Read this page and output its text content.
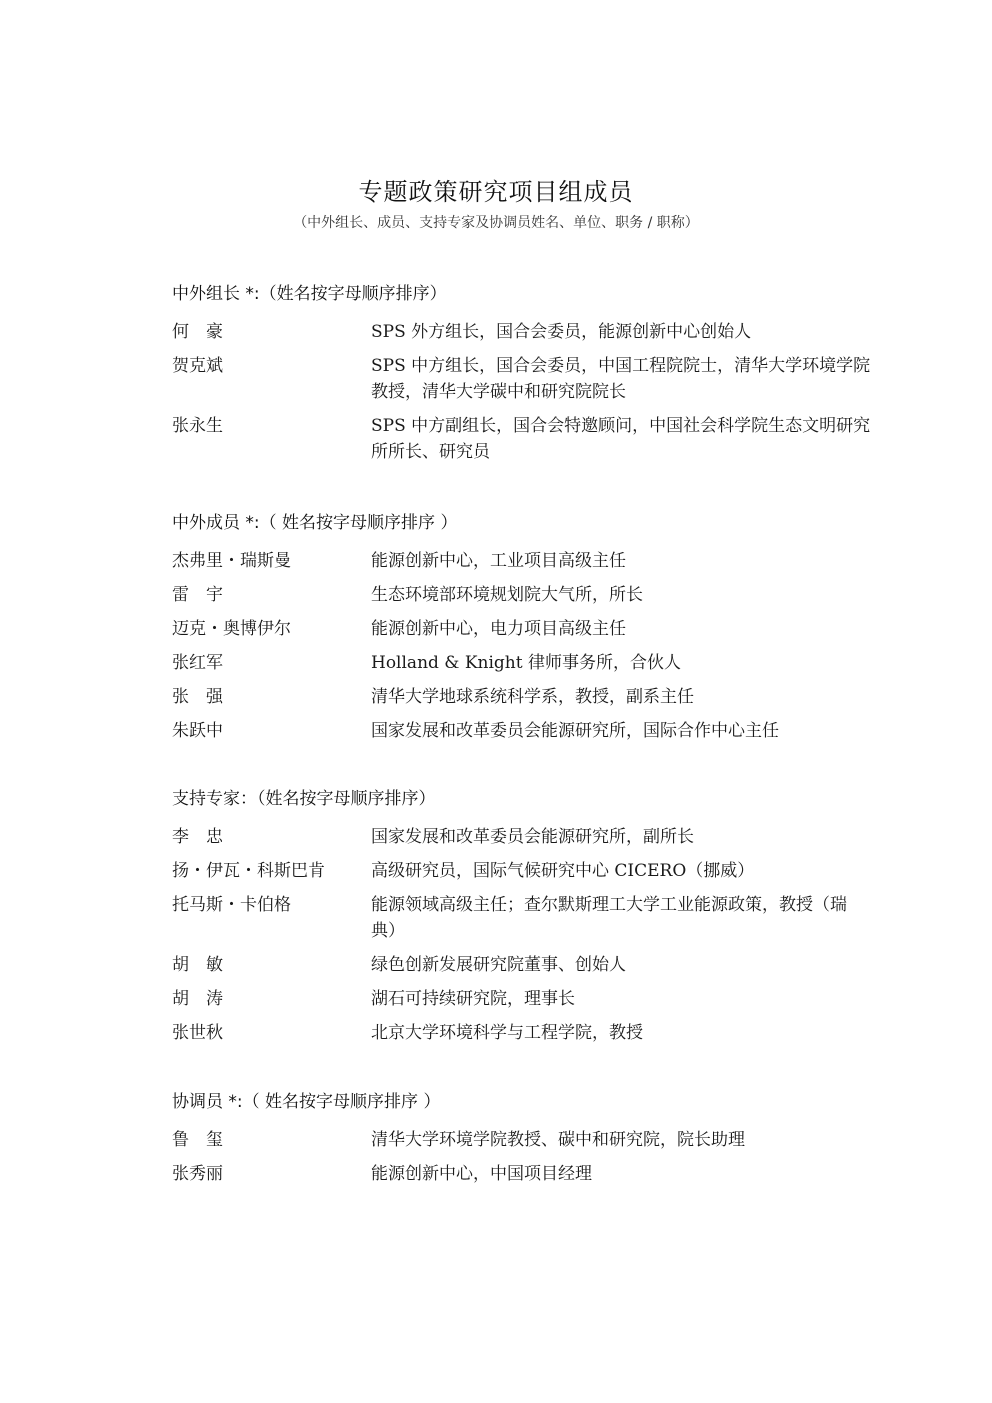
专题政策研究项目组成员
（中外组长、成员、支持专家及协调员姓名、单位、职务 / 职称）
中外组长 *:（姓名按字母顺序排序）
何　豪	SPS 外方组长，国合会委员，能源创新中心创始人
贺克斌	SPS 中方组长，国合会委员，中国工程院院士，清华大学环境学院教授，清华大学碳中和研究院院长
张永生	SPS 中方副组长，国合会特邀顾问，中国社会科学院生态文明研究所所长、研究员
中外成员 *:（ 姓名按字母顺序排序 ）
杰弗里・瑞斯曼	能源创新中心，工业项目高级主任
雷　宇	生态环境部环境规划院大气所，所长
迈克・奥博伊尔	能源创新中心，电力项目高级主任
张红军	Holland & Knight 律师事务所，合伙人
张　强	清华大学地球系统科学系，教授，副系主任
朱跃中	国家发展和改革委员会能源研究所，国际合作中心主任
支持专家：（姓名按字母顺序排序）
李　忠	国家发展和改革委员会能源研究所，副所长
扬・伊瓦・科斯巴肯	高级研究员，国际气候研究中心 CICERO（挪威）
托马斯・卡伯格	能源领域高级主任；查尔默斯理工大学工业能源政策，教授（瑞典）
胡　敏	绿色创新发展研究院董事、创始人
胡　涛	湖石可持续研究院，理事长
张世秋	北京大学环境科学与工程学院，教授
协调员 *:（ 姓名按字母顺序排序 ）
鲁　玺	清华大学环境学院教授、碳中和研究院，院长助理
张秀丽	能源创新中心，中国项目经理
